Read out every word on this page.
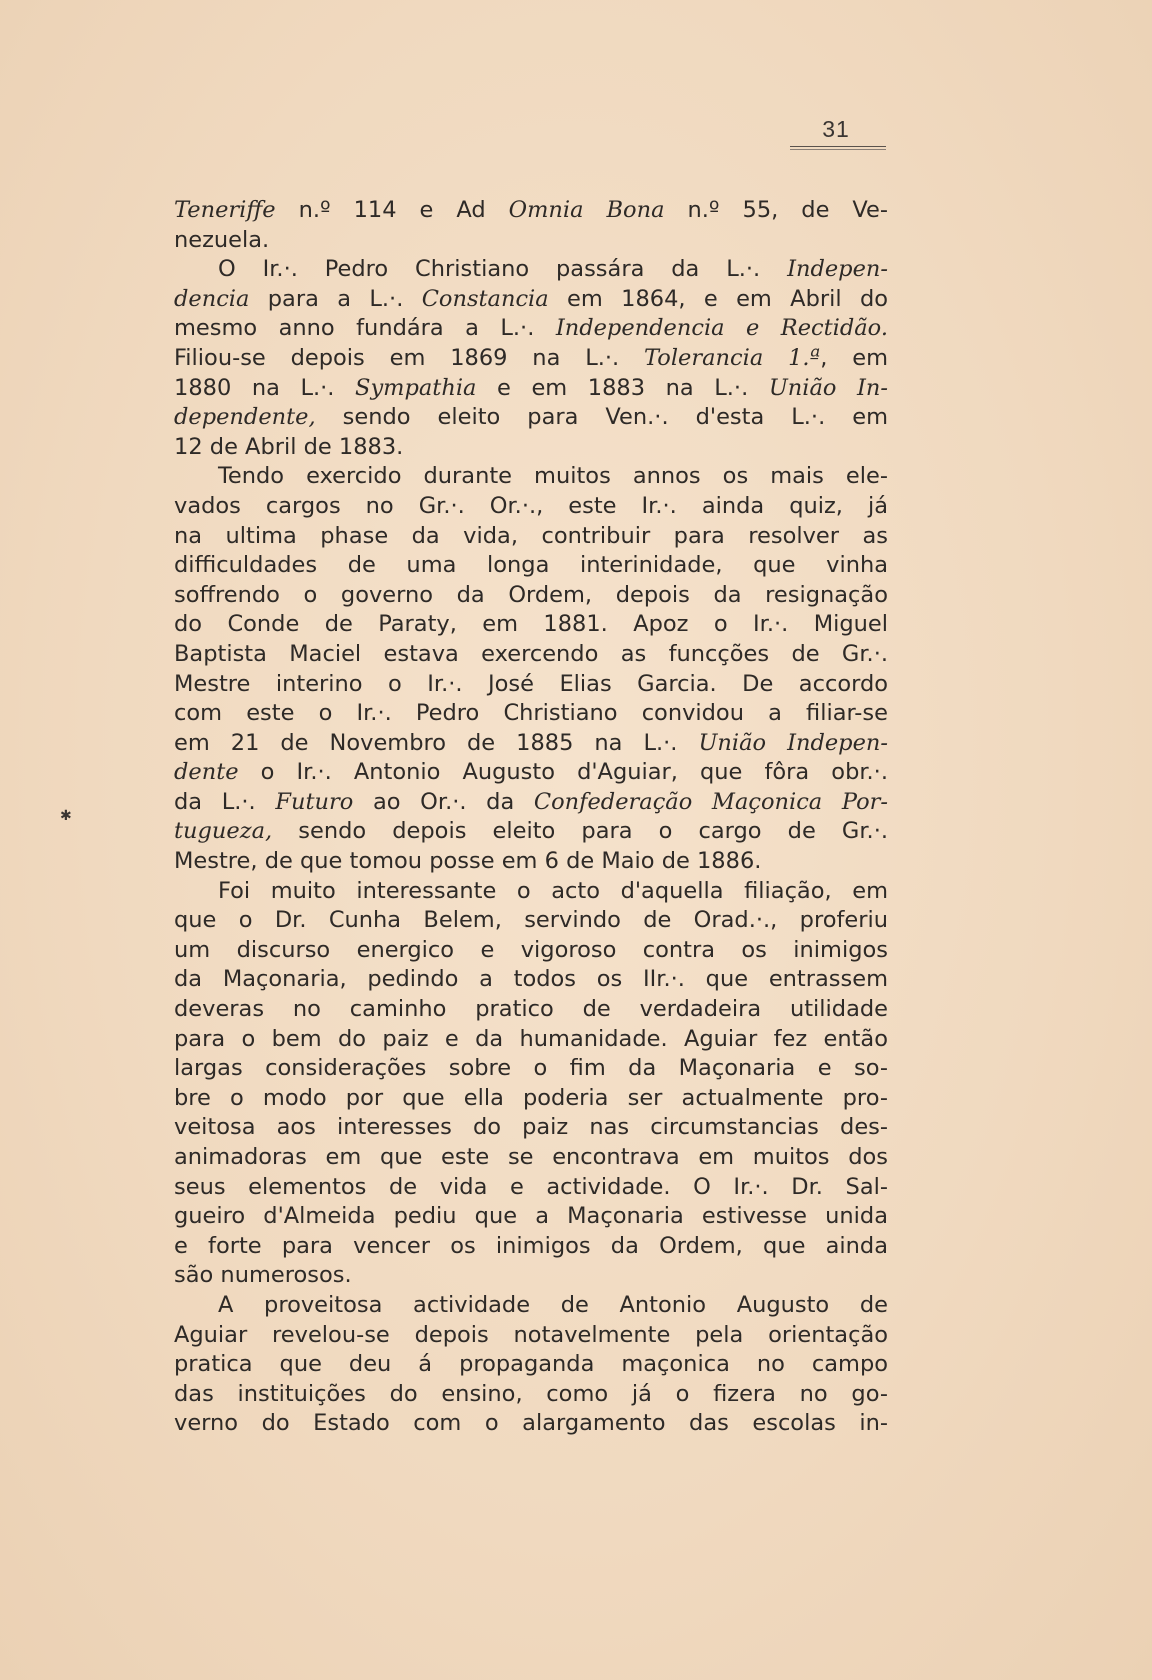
31
✱
Teneriffe n.º 114 e Ad Omnia Bona n.º 55, de Ve-
nezuela.
O Ir.·. Pedro Christiano passára da L.·. Indepen-
dencia para a L.·. Constancia em 1864, e em Abril do
mesmo anno fundára a L.·. Independencia e Rectidão.
Filiou-se depois em 1869 na L.·. Tolerancia 1.ª, em
1880 na L.·. Sympathia e em 1883 na L.·. União In-
dependente, sendo eleito para Ven.·. d'esta L.·. em
12 de Abril de 1883.
Tendo exercido durante muitos annos os mais ele-
vados cargos no Gr.·. Or.·., este Ir.·. ainda quiz, já
na ultima phase da vida, contribuir para resolver as
difficuldades de uma longa interinidade, que vinha
soffrendo o governo da Ordem, depois da resignação
do Conde de Paraty, em 1881. Apoz o Ir.·. Miguel
Baptista Maciel estava exercendo as funcções de Gr.·.
Mestre interino o Ir.·. José Elias Garcia. De accordo
com este o Ir.·. Pedro Christiano convidou a filiar-se
em 21 de Novembro de 1885 na L.·. União Indepen-
dente o Ir.·. Antonio Augusto d'Aguiar, que fôra obr.·.
da L.·. Futuro ao Or.·. da Confederação Maçonica Por-
tugueza, sendo depois eleito para o cargo de Gr.·.
Mestre, de que tomou posse em 6 de Maio de 1886.
Foi muito interessante o acto d'aquella filiação, em
que o Dr. Cunha Belem, servindo de Orad.·., proferiu
um discurso energico e vigoroso contra os inimigos
da Maçonaria, pedindo a todos os IIr.·. que entrassem
deveras no caminho pratico de verdadeira utilidade
para o bem do paiz e da humanidade. Aguiar fez então
largas considerações sobre o fim da Maçonaria e so-
bre o modo por que ella poderia ser actualmente pro-
veitosa aos interesses do paiz nas circumstancias des-
animadoras em que este se encontrava em muitos dos
seus elementos de vida e actividade. O Ir.·. Dr. Sal-
gueiro d'Almeida pediu que a Maçonaria estivesse unida
e forte para vencer os inimigos da Ordem, que ainda
são numerosos.
A proveitosa actividade de Antonio Augusto de
Aguiar revelou-se depois notavelmente pela orientação
pratica que deu á propaganda maçonica no campo
das instituições do ensino, como já o fizera no go-
verno do Estado com o alargamento das escolas in-
